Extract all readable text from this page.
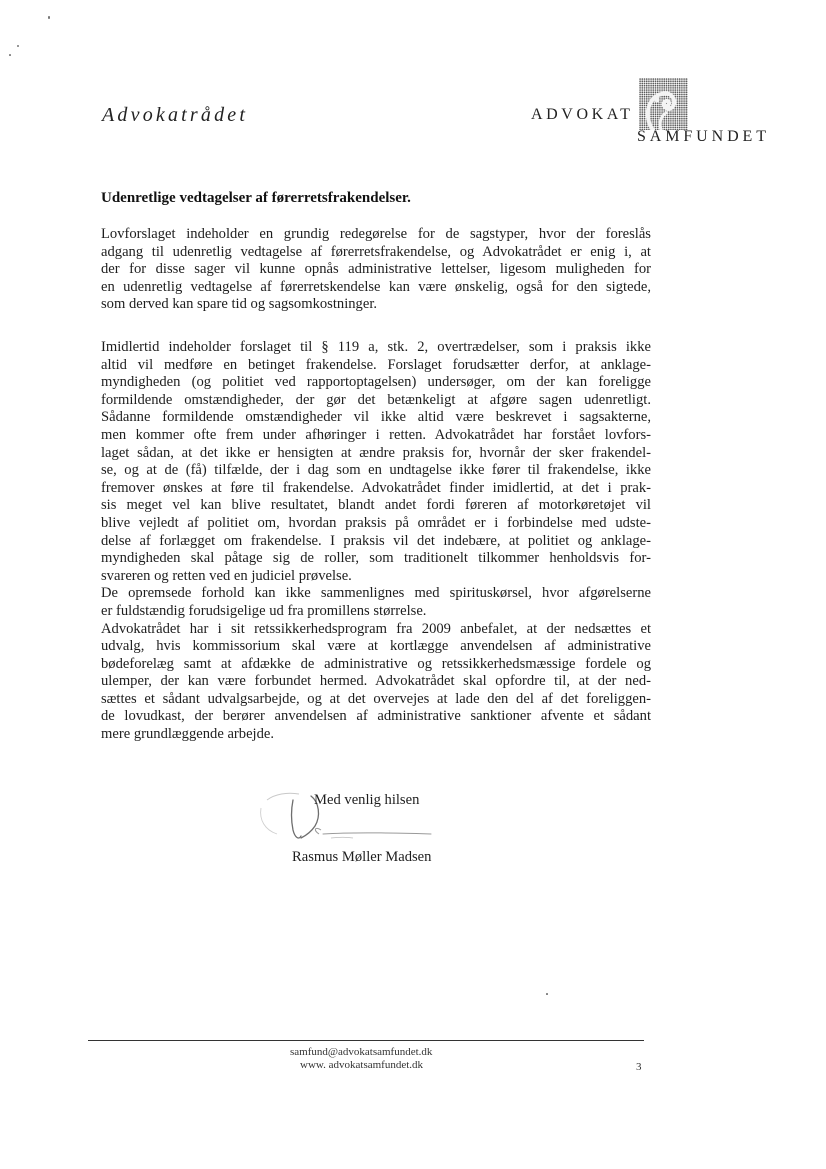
Advokatrådet	ADVOKAT
SAMFUNDET
Udenretlige vedtagelser af førerretsfrakendelser.
Lovforslaget indeholder en grundig redegørelse for de sagstyper, hvor der foreslås
adgang til udenretlig vedtagelse af førerretsfrakendelse, og Advokatrådet er enig i, at
der for disse sager vil kunne opnås administrative lettelser, ligesom muligheden for
en udenretlig vedtagelse af førerretskendelse kan være ønskelig, også for den sigtede,
som derved kan spare tid og sagsomkostninger.
Imidlertid indeholder forslaget til § 119 a, stk. 2, overtrædelser, som i praksis ikke
altid vil medføre en betinget frakendelse. Forslaget forudsætter derfor, at anklage-
myndigheden (og politiet ved rapportoptagelsen) undersøger, om der kan foreligge
formildende omstændigheder, der gør det betænkeligt at afgøre sagen udenretligt.
Sådanne formildende omstændigheder vil ikke altid være beskrevet i sagsakterne,
men kommer ofte frem under afhøringer i retten. Advokatrådet har forstået lovfors-
laget sådan, at det ikke er hensigten at ændre praksis for, hvornår der sker frakendel-
se, og at de (få) tilfælde, der i dag som en undtagelse ikke fører til frakendelse, ikke
fremover ønskes at føre til frakendelse. Advokatrådet finder imidlertid, at det i prak-
sis meget vel kan blive resultatet, blandt andet fordi føreren af motorkøretøjet vil
blive vejledt af politiet om, hvordan praksis på området er i forbindelse med udste-
delse af forlægget om frakendelse. I praksis vil det indebære, at politiet og anklage-
myndigheden skal påtage sig de roller, som traditionelt tilkommer henholdsvis for-
svareren og retten ved en judiciel prøvelse.
De opremsede forhold kan ikke sammenlignes med spirituskørsel, hvor afgørelserne
er fuldstændig forudsigelige ud fra promillens størrelse.
Advokatrådet har i sit retssikkerhedsprogram fra 2009 anbefalet, at der nedsættes et
udvalg, hvis kommissorium skal være at kortlægge anvendelsen af administrative
bødeforelæg samt at afdække de administrative og retssikkerhedsmæssige fordele og
ulemper, der kan være forbundet hermed. Advokatrådet skal opfordre til, at der ned-
sættes et sådant udvalgsarbejde, og at det overvejes at lade den del af det foreliggen-
de lovudkast, der berører anvendelsen af administrative sanktioner afvente et sådant
mere grundlæggende arbejde.
Med venlig hilsen
Rasmus Møller Madsen
samfund@advokatsamfundet.dk
www. advokatsamfundet.dk	3
